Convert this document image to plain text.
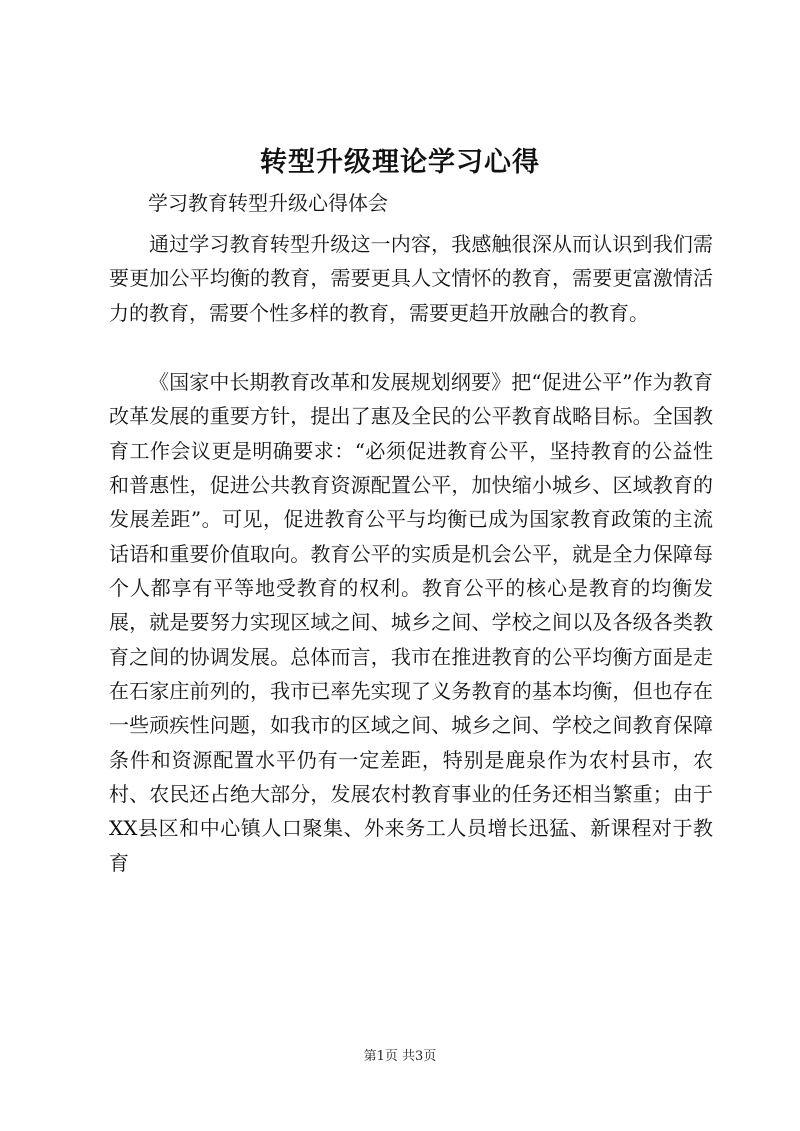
转型升级理论学习心得

学习教育转型升级心得体会

通过学习教育转型升级这一内容，我感触很深从而认识到我们需要更加公平均衡的教育，需要更具人文情怀的教育，需要更富激情活力的教育，需要个性多样的教育，需要更趋开放融合的教育。

《国家中长期教育改革和发展规划纲要》把“促进公平”作为教育改革发展的重要方针，提出了惠及全民的公平教育战略目标。全国教育工作会议更是明确要求：“必须促进教育公平，坚持教育的公益性和普惠性，促进公共教育资源配置公平，加快缩小城乡、区域教育的发展差距”。可见，促进教育公平与均衡已成为国家教育政策的主流话语和重要价值取向。教育公平的实质是机会公平，就是全力保障每个人都享有平等地受教育的权利。教育公平的核心是教育的均衡发展，就是要努力实现区域之间、城乡之间、学校之间以及各级各类教育之间的协调发展。总体而言，我市在推进教育的公平均衡方面是走在石家庄前列的，我市已率先实现了义务教育的基本均衡，但也存在一些顽疾性问题，如我市的区域之间、城乡之间、学校之间教育保障条件和资源配置水平仍有一定差距，特别是鹿泉作为农村县市，农村、农民还占绝大部分，发展农村教育事业的任务还相当繁重；由于XX县区和中心镇人口聚集、外来务工人员增长迅猛、新课程对于教育

第1页 共3页
